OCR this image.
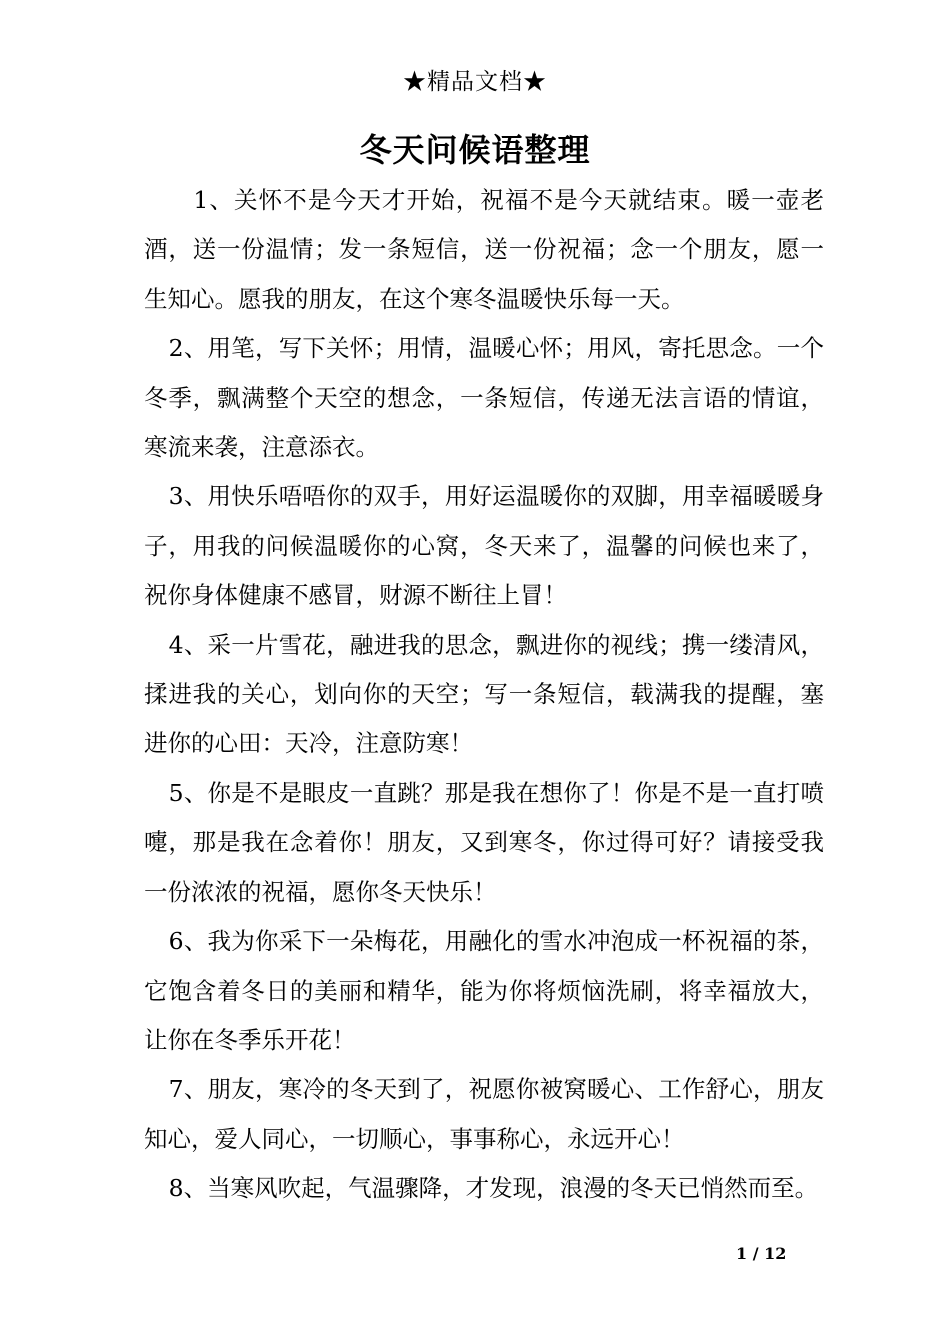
★精品文档★
冬天问候语整理

1、关怀不是今天才开始，祝福不是今天就结束。暖一壶老酒，送一份温情；发一条短信，送一份祝福；念一个朋友，愿一生知心。愿我的朋友，在这个寒冬温暖快乐每一天。

2、用笔，写下关怀；用情，温暖心怀；用风，寄托思念。一个冬季，飘满整个天空的想念，一条短信，传递无法言语的情谊，寒流来袭，注意添衣。

3、用快乐唔唔你的双手，用好运温暖你的双脚，用幸福暖暖身子，用我的问候温暖你的心窝，冬天来了，温馨的问候也来了，祝你身体健康不感冒，财源不断往上冒！

4、采一片雪花，融进我的思念，飘进你的视线；携一缕清风，揉进我的关心，划向你的天空；写一条短信，载满我的提醒，塞进你的心田：天冷，注意防寒！

5、你是不是眼皮一直跳？那是我在想你了！你是不是一直打喷嚏，那是我在念着你！朋友，又到寒冬，你过得可好？请接受我一份浓浓的祝福，愿你冬天快乐！

6、我为你采下一朵梅花，用融化的雪水冲泡成一杯祝福的茶，它饱含着冬日的美丽和精华，能为你将烦恼洗刷，将幸福放大，让你在冬季乐开花！

7、朋友，寒冷的冬天到了，祝愿你被窝暖心、工作舒心，朋友知心，爱人同心，一切顺心，事事称心，永远开心！

8、当寒风吹起，气温骤降，才发现，浪漫的冬天已悄然而至。

1 / 12
